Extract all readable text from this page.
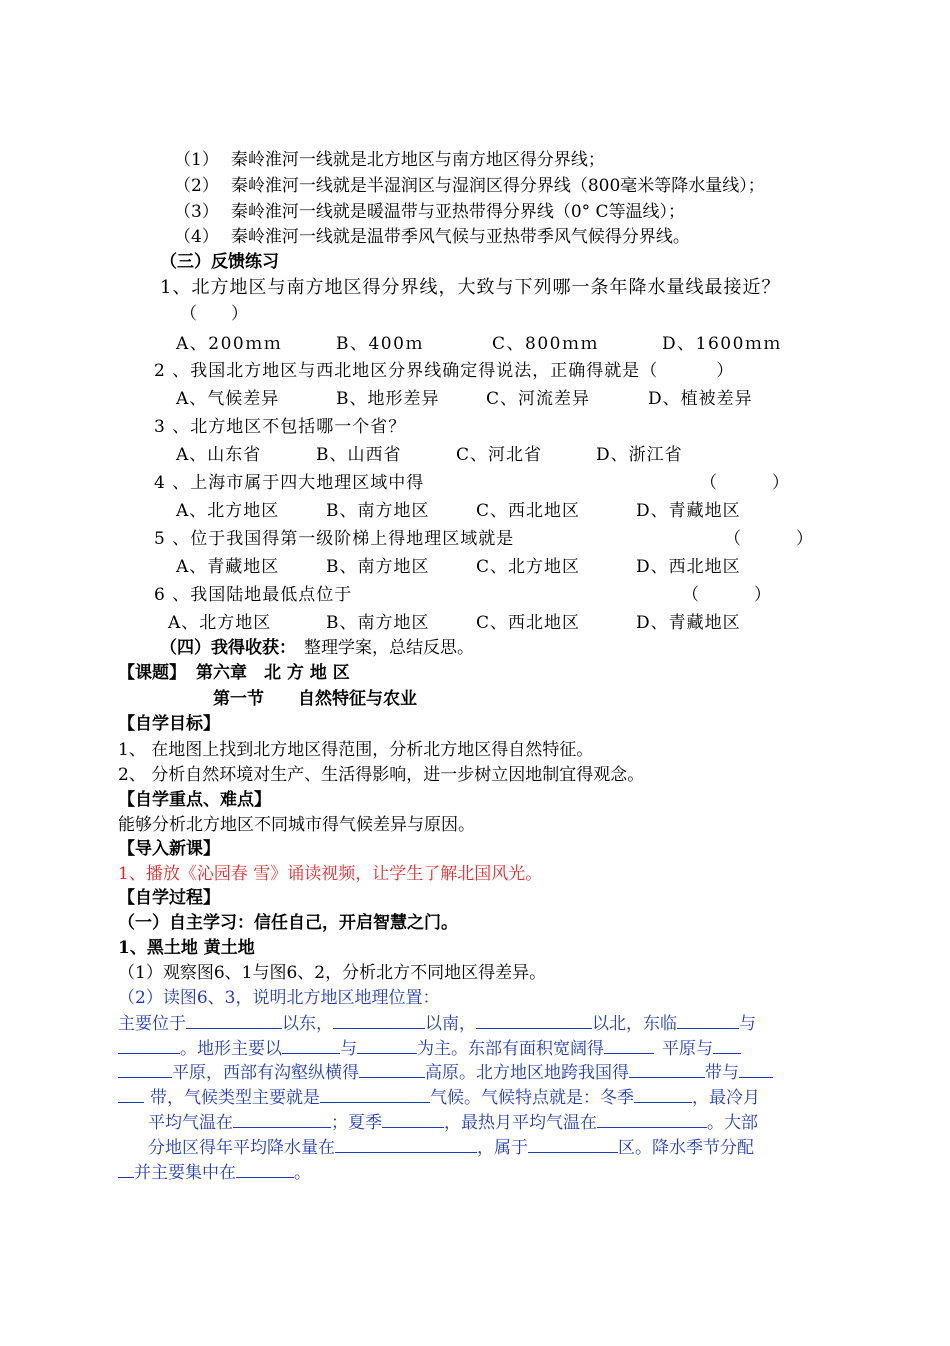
（1） 秦岭淮河一线就是北方地区与南方地区得分界线；
（2） 秦岭淮河一线就是半湿润区与湿润区得分界线（800毫米等降水量线）；
（3） 秦岭淮河一线就是暖温带与亚热带得分界线（0° C等温线）；
（4） 秦岭淮河一线就是温带季风气候与亚热带季风气候得分界线。
（三）反馈练习
1、北方地区与南方地区得分界线，大致与下列哪一条年降水量线最接近？
（　　）
A、200ｍｍ	B、400ｍ	C、800ｍｍ	D、1600ｍｍ
2 、我国北方地区与西北地区分界线确定得说法，正确得就是（	）
A、气候差异	B、地形差异	C、河流差异	D、植被差异
3 、北方地区不包括哪一个省？
A、山东省	B、山西省	C、河北省	D、浙江省
4 、上海市属于四大地理区域中得	（　　　）
A、北方地区	B、南方地区	C、西北地区	D、青藏地区
5 、位于我国得第一级阶梯上得地理区域就是	（　　　）
A、青藏地区	B、南方地区	C、北方地区	D、西北地区
6 、我国陆地最低点位于	（　　　）
A、北方地区	B、南方地区	C、西北地区	D、青藏地区
（四）我得收获： 整理学案，总结反思。
【课题】 第六章　北 方 地 区
第一节 自然特征与农业
【自学目标】
1、 在地图上找到北方地区得范围，分析北方地区得自然特征。
2、 分析自然环境对生产、生活得影响，进一步树立因地制宜得观念。
【自学重点、难点】
能够分析北方地区不同城市得气候差异与原因。
【导入新课】
1、播放《沁园春 雪》诵读视频，让学生了解北国风光。
【自学过程】
（一）自主学习：信任自己，开启智慧之门。
1、黑土地 黄土地
（1）观察图6、1与图6、2，分析北方不同地区得差异。
（2）读图6、3，说明北方地区地理位置：
主要位于	以东，	以南，	以北，东临	与
。地形主要以	与	为主。东部有面积宽阔得	平原与
平原，西部有沟壑纵横得	高原。北方地区地跨我国得	带与
带，气候类型主要就是	气候。气候特点就是：冬季	，最冷月
平均气温在	；夏季	，最热月平均气温在	。大部
分地区得年平均降水量在	，属于	区。降水季节分配
并主要集中在	。
